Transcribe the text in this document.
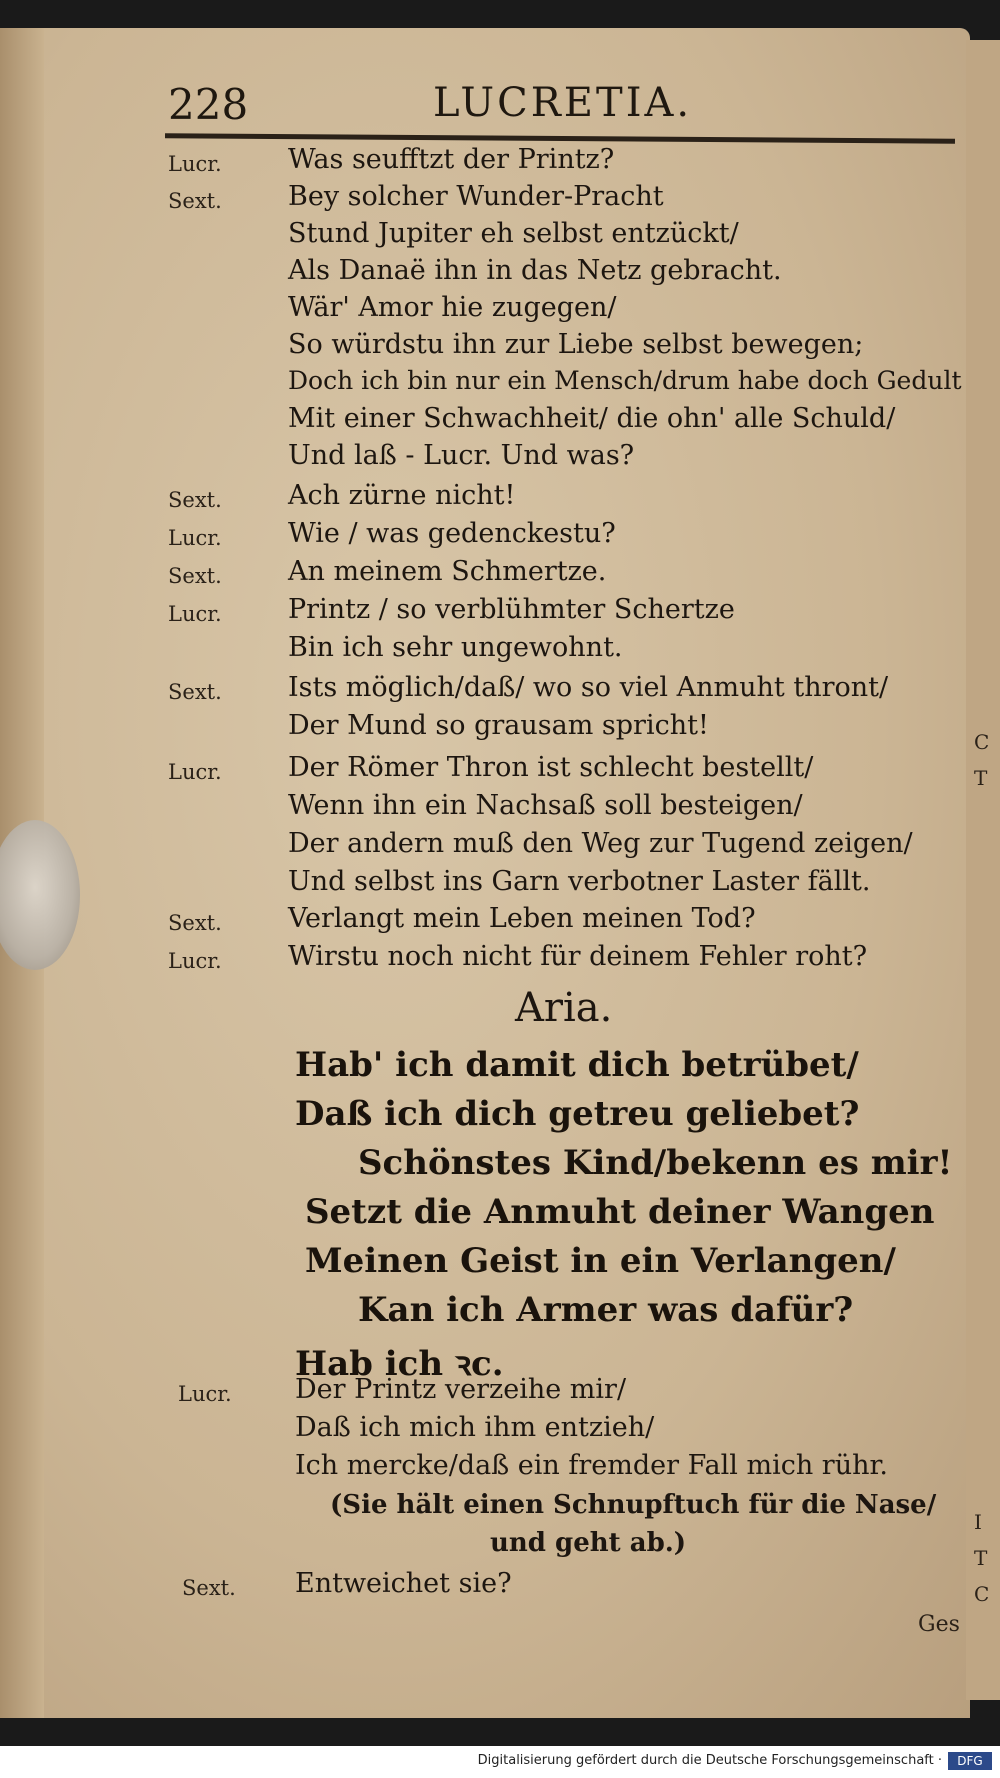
C
T
I
T
C
228	LUCRETIA.
Lucr. Was seufftzt der Printz?
Sext. Bey solcher Wunder-Pracht
Stund Jupiter eh selbst entzückt/
Als Danaë ihn in das Netz gebracht.
Wär' Amor hie zugegen/
So würdstu ihn zur Liebe selbst bewegen;
Doch ich bin nur ein Mensch/drum habe doch Gedult
Mit einer Schwachheit/ die ohn' alle Schuld/
Und laß - Lucr. Und was?
Sext. Ach zürne nicht!
Lucr. Wie / was gedenckestu?
Sext. An meinem Schmertze.
Lucr. Printz / so verblühmter Schertze
Bin ich sehr ungewohnt.
Sext. Ists möglich/daß/ wo so viel Anmuht thront/
Der Mund so grausam spricht!
Lucr. Der Römer Thron ist schlecht bestellt/
Wenn ihn ein Nachsaß soll besteigen/
Der andern muß den Weg zur Tugend zeigen/
Und selbst ins Garn verbotner Laster fällt.
Sext. Verlangt mein Leben meinen Tod?
Lucr. Wirstu noch nicht für deinem Fehler roht?
Aria.
Hab' ich damit dich betrübet/
Daß ich dich getreu geliebet?
Schönstes Kind/bekenn es mir!
Setzt die Anmuht deiner Wangen
Meinen Geist in ein Verlangen/
Kan ich Armer was dafür?
Hab ich ꝛc.
Lucr. Der Printz verzeihe mir/
Daß ich mich ihm entzieh/
Ich mercke/daß ein fremder Fall mich rühr.
(Sie hält einen Schnupftuch für die Nase/
und geht ab.)
Sext. Entweichet sie?
Ges
Digitalisierung gefördert durch die Deutsche Forschungsgemeinschaft ·	DFG
